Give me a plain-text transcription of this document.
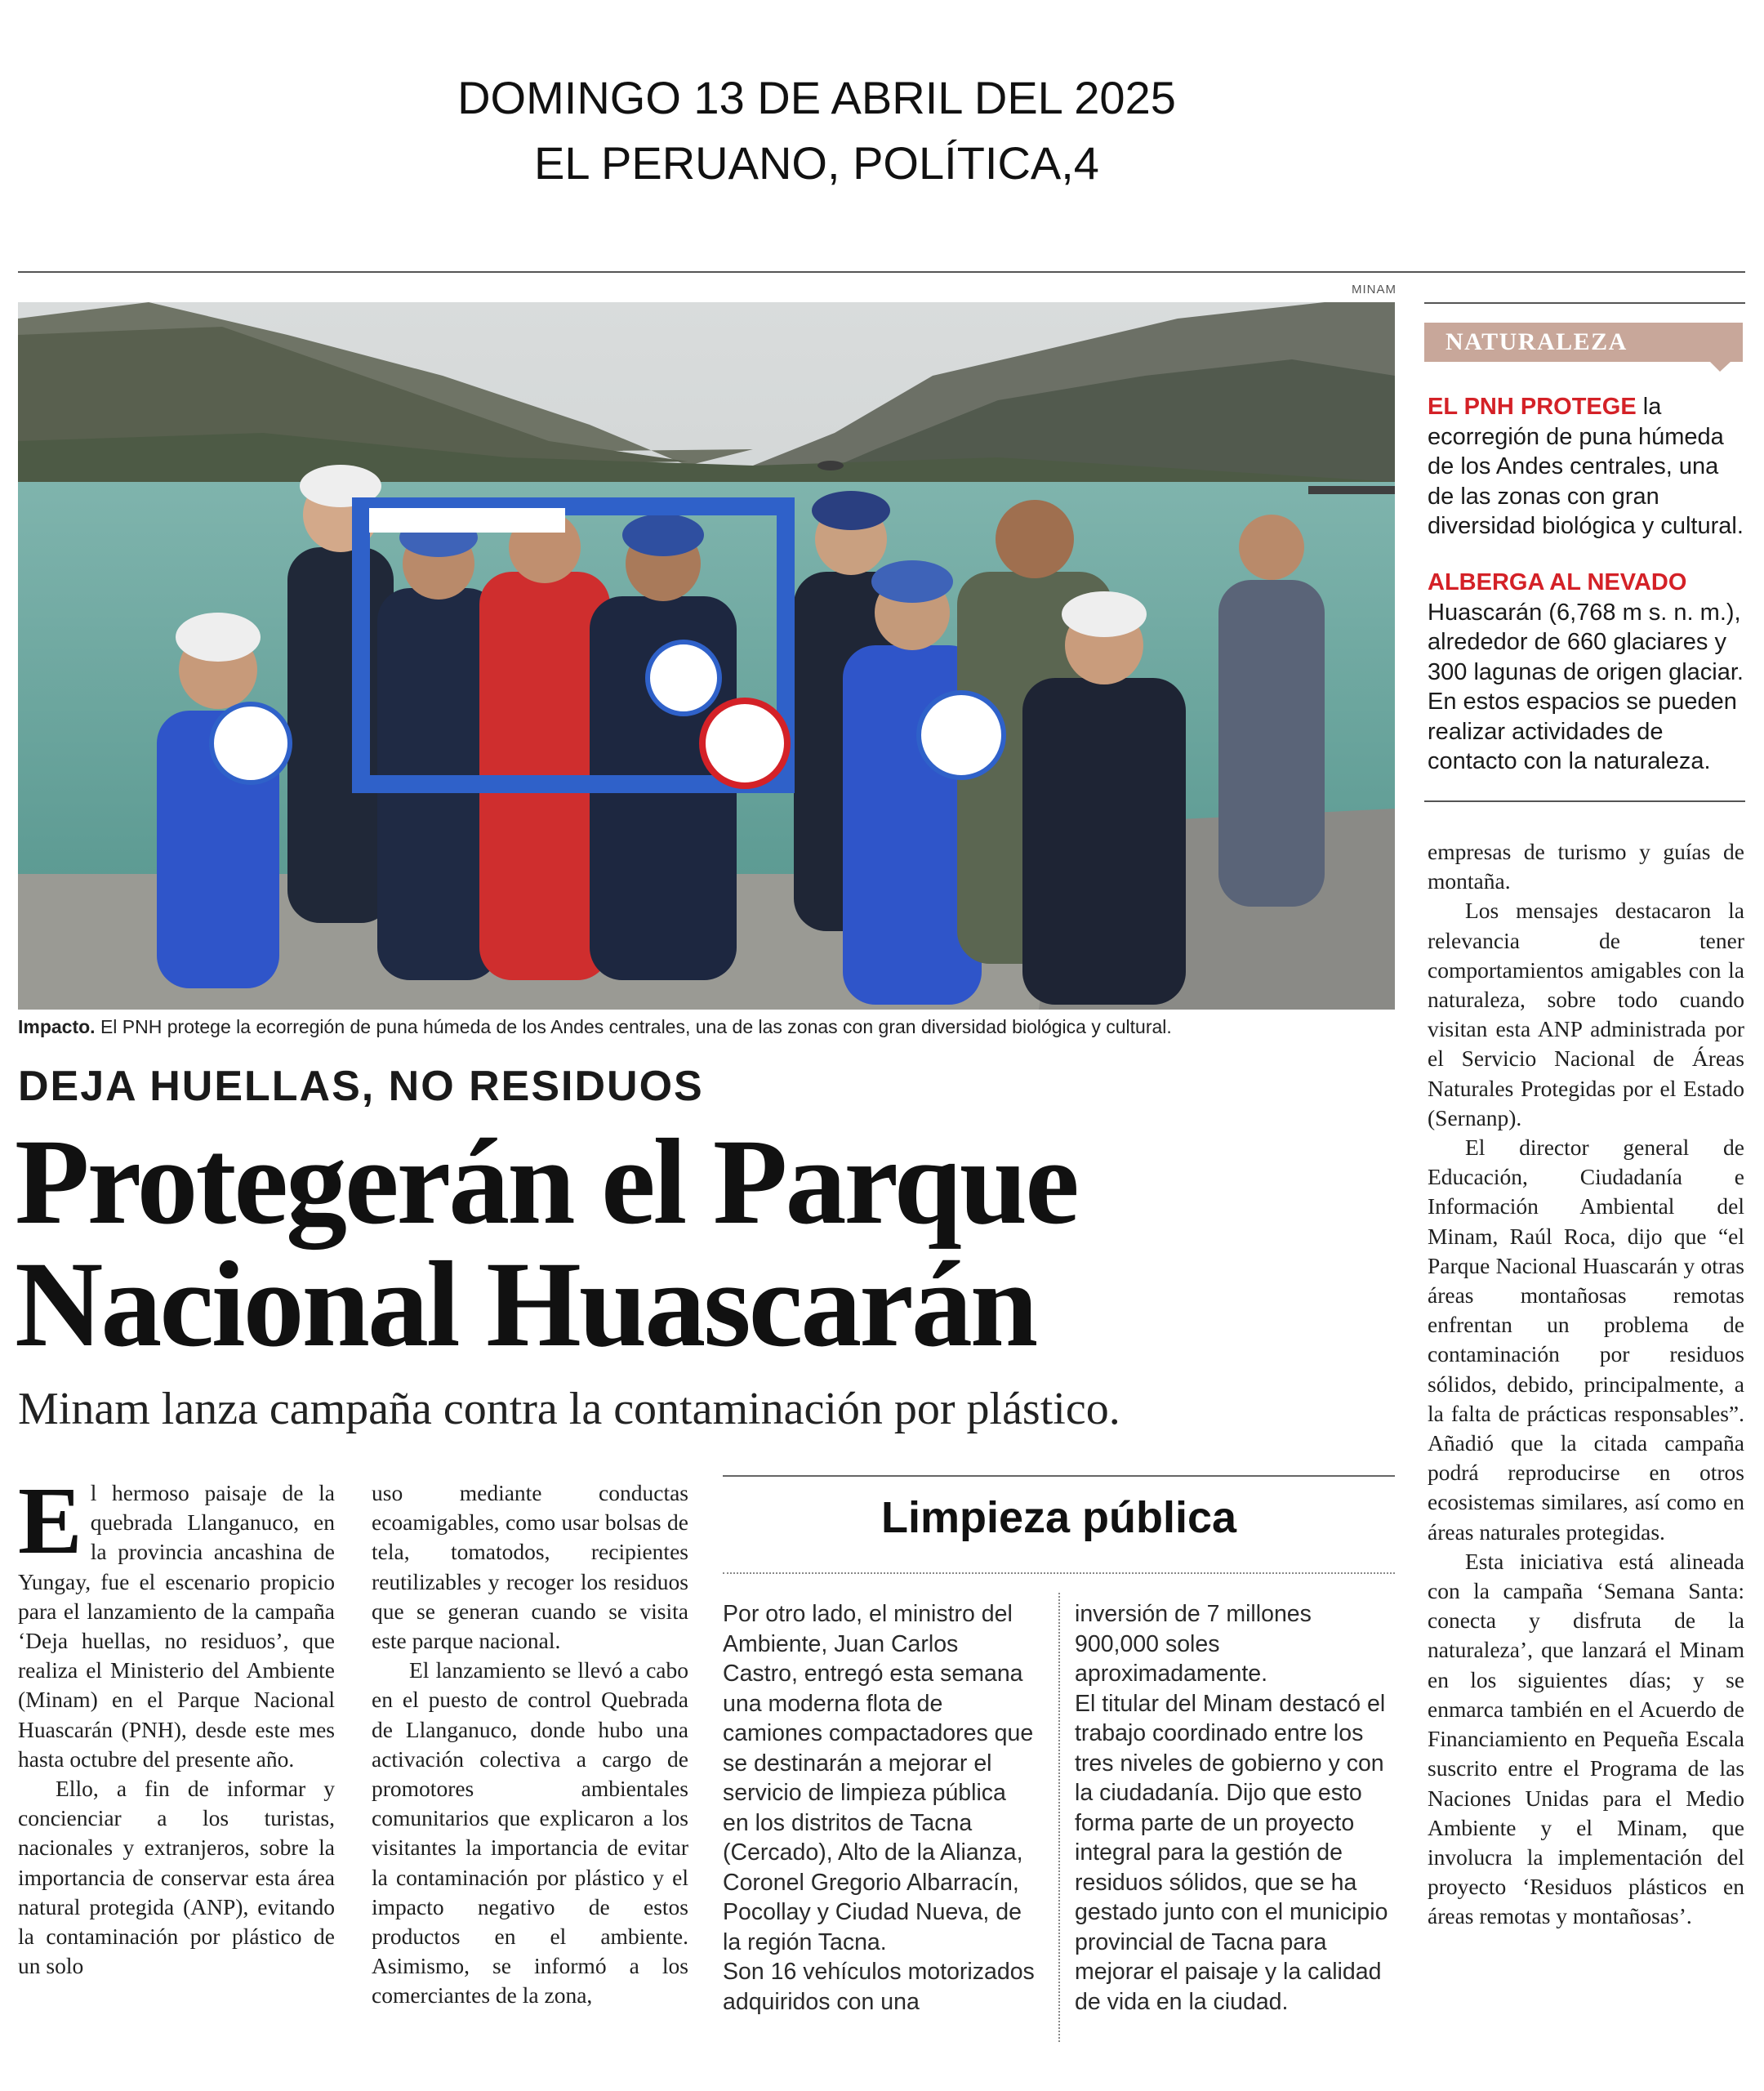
DOMINGO 13 DE ABRIL DEL 2025
EL PERUANO, POLÍTICA,4
MINAM
Impacto. El PNH protege la ecorregión de puna húmeda de los Andes centrales, una de las zonas con gran diversidad biológica y cultural.
DEJA HUELLAS, NO RESIDUOS
Protegerán el Parque
Nacional Huascarán
Minam lanza campaña contra la contaminación por plástico.

El hermoso paisaje de la quebrada Llanganuco, en la provincia ancashina de Yungay, fue el escenario propicio para el lanzamiento de la campaña ‘Deja huellas, no residuos’, que realiza el Ministerio del Ambiente (Minam) en el Parque Nacional Huascarán (PNH), desde este mes hasta octubre del presente año.

Ello, a fin de informar y concienciar a los turistas, nacionales y extranjeros, sobre la importancia de conservar esta área natural protegida (ANP), evitando la contaminación por plástico de un solo

uso mediante conductas ecoamigables, como usar bolsas de tela, tomatodos, recipientes reutilizables y recoger los residuos que se generan cuando se visita este parque nacional.

El lanzamiento se llevó a cabo en el puesto de control Quebrada de Llanganuco, donde hubo una activación colectiva a cargo de promotores ambientales comunitarios que explicaron a los visitantes la importancia de evitar la contaminación por plástico y el impacto negativo de estos productos en el ambiente. Asimismo, se informó a los comerciantes de la zona,

Limpieza pública

Por otro lado, el ministro del Ambiente, Juan Carlos Castro, entregó esta semana una moderna flota de camiones compactadores que se destinarán a mejorar el servicio de limpieza pública en los distritos de Tacna (Cercado), Alto de la Alianza, Coronel Gregorio Albarracín, Pocollay y Ciudad Nueva, de la región Tacna.

Son 16 vehículos motorizados adquiridos con una

inversión de 7 millones 900,000 soles aproximadamente.

El titular del Minam destacó el trabajo coordinado entre los tres niveles de gobierno y con la ciudadanía. Dijo que esto forma parte de un proyecto integral para la gestión de residuos sólidos, que se ha gestado junto con el municipio provincial de Tacna para mejorar el paisaje y la calidad de vida en la ciudad.

NATURALEZA
EL PNH PROTEGE la ecorregión de puna húmeda de los Andes centrales, una de las zonas con gran diversidad biológica y cultural.
ALBERGA AL NEVADO Huascarán (6,768 m s. n. m.), alrededor de 660 glaciares y 300 lagunas de origen glaciar. En estos espacios se pueden realizar actividades de contacto con la naturaleza.

empresas de turismo y guías de montaña.

Los mensajes destacaron la relevancia de tener comportamientos amigables con la naturaleza, sobre todo cuando visitan esta ANP administrada por el Servicio Nacional de Áreas Naturales Protegidas por el Estado (Sernanp).

El director general de Educación, Ciudadanía e Información Ambiental del Minam, Raúl Roca, dijo que “el Parque Nacional Huascarán y otras áreas montañosas remotas enfrentan un problema de contaminación por residuos sólidos, debido, principalmente, a la falta de prácticas responsables”. Añadió que la citada campaña podrá reproducirse en otros ecosistemas similares, así como en áreas naturales protegidas.

Esta iniciativa está alineada con la campaña ‘Semana Santa: conecta y disfruta de la naturaleza’, que lanzará el Minam en los siguientes días; y se enmarca también en el Acuerdo de Financiamiento en Pequeña Escala suscrito entre el Programa de las Naciones Unidas para el Medio Ambiente y el Minam, que involucra la implementación del proyecto ‘Residuos plásticos en áreas remotas y montañosas’.
